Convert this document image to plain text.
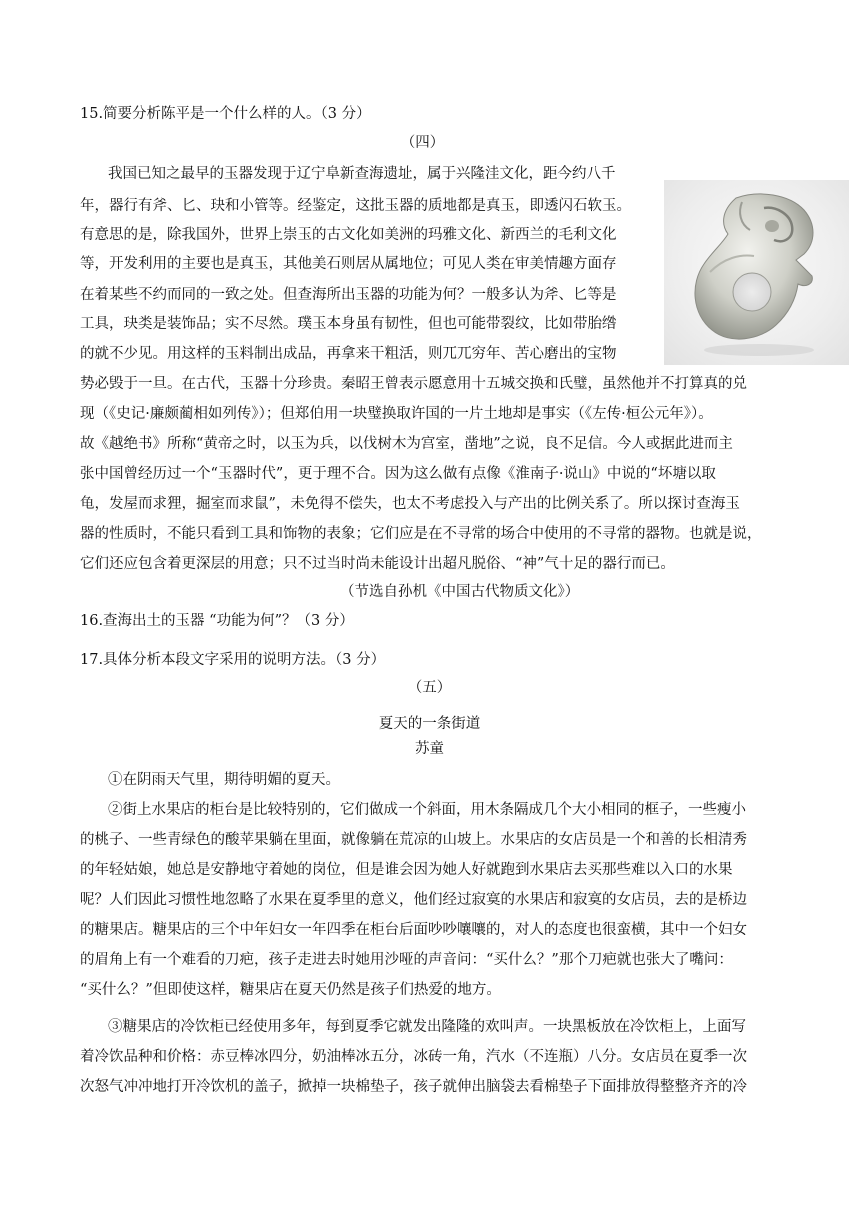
15.简要分析陈平是一个什么样的人。（3 分）
（四）
我国已知之最早的玉器发现于辽宁阜新查海遗址，属于兴隆洼文化，距今约八千
年，器行有斧、匕、玦和小管等。经鉴定，这批玉器的质地都是真玉，即透闪石软玉。
有意思的是，除我国外，世界上崇玉的古文化如美洲的玛雅文化、新西兰的毛利文化
等，开发利用的主要也是真玉，其他美石则居从属地位；可见人类在审美情趣方面存
在着某些不约而同的一致之处。但查海所出玉器的功能为何？一般多认为斧、匕等是
工具，玦类是装饰品；实不尽然。璞玉本身虽有韧性，但也可能带裂纹，比如带胎绺
的就不少见。用这样的玉料制出成品，再拿来干粗活，则兀兀穷年、苦心磨出的宝物
势必毁于一旦。在古代，玉器十分珍贵。秦昭王曾表示愿意用十五城交换和氏璧，虽然他并不打算真的兑
现（《史记·廉颇蔺相如列传》）；但郑伯用一块璧换取许国的一片土地却是事实（《左传·桓公元年》）。
故《越绝书》所称“黄帝之时，以玉为兵，以伐树木为宫室，凿地”之说，良不足信。今人或据此进而主
张中国曾经历过一个“玉器时代”，更于理不合。因为这么做有点像《淮南子·说山》中说的“坏塘以取
龟，发屋而求狸，掘室而求鼠”，未免得不偿失，也太不考虑投入与产出的比例关系了。所以探讨查海玉
器的性质时，不能只看到工具和饰物的表象；它们应是在不寻常的场合中使用的不寻常的器物。也就是说，
它们还应包含着更深层的用意；只不过当时尚未能设计出超凡脱俗、“神”气十足的器行而已。
（节选自孙机《中国古代物质文化》）
16.查海出土的玉器 “功能为何”？（3 分）
17.具体分析本段文字采用的说明方法。（3 分）
（五）
夏天的一条街道
苏童
①在阴雨天气里，期待明媚的夏天。
②街上水果店的柜台是比较特别的，它们做成一个斜面，用木条隔成几个大小相同的框子，一些瘦小
的桃子、一些青绿色的酸苹果躺在里面，就像躺在荒凉的山坡上。水果店的女店员是一个和善的长相清秀
的年轻姑娘，她总是安静地守着她的岗位，但是谁会因为她人好就跑到水果店去买那些难以入口的水果
呢？人们因此习惯性地忽略了水果在夏季里的意义，他们经过寂寞的水果店和寂寞的女店员，去的是桥边
的糖果店。糖果店的三个中年妇女一年四季在柜台后面吵吵嚷嚷的，对人的态度也很蛮横，其中一个妇女
的眉角上有一个难看的刀疤，孩子走进去时她用沙哑的声音问：“买什么？”那个刀疤就也张大了嘴问：
“买什么？”但即使这样，糖果店在夏天仍然是孩子们热爱的地方。
③糖果店的冷饮柜已经使用多年，每到夏季它就发出隆隆的欢叫声。一块黑板放在冷饮柜上，上面写
着冷饮品种和价格：赤豆棒冰四分，奶油棒冰五分，冰砖一角，汽水（不连瓶）八分。女店员在夏季一次
次怒气冲冲地打开冷饮机的盖子，掀掉一块棉垫子，孩子就伸出脑袋去看棉垫子下面排放得整整齐齐的冷
